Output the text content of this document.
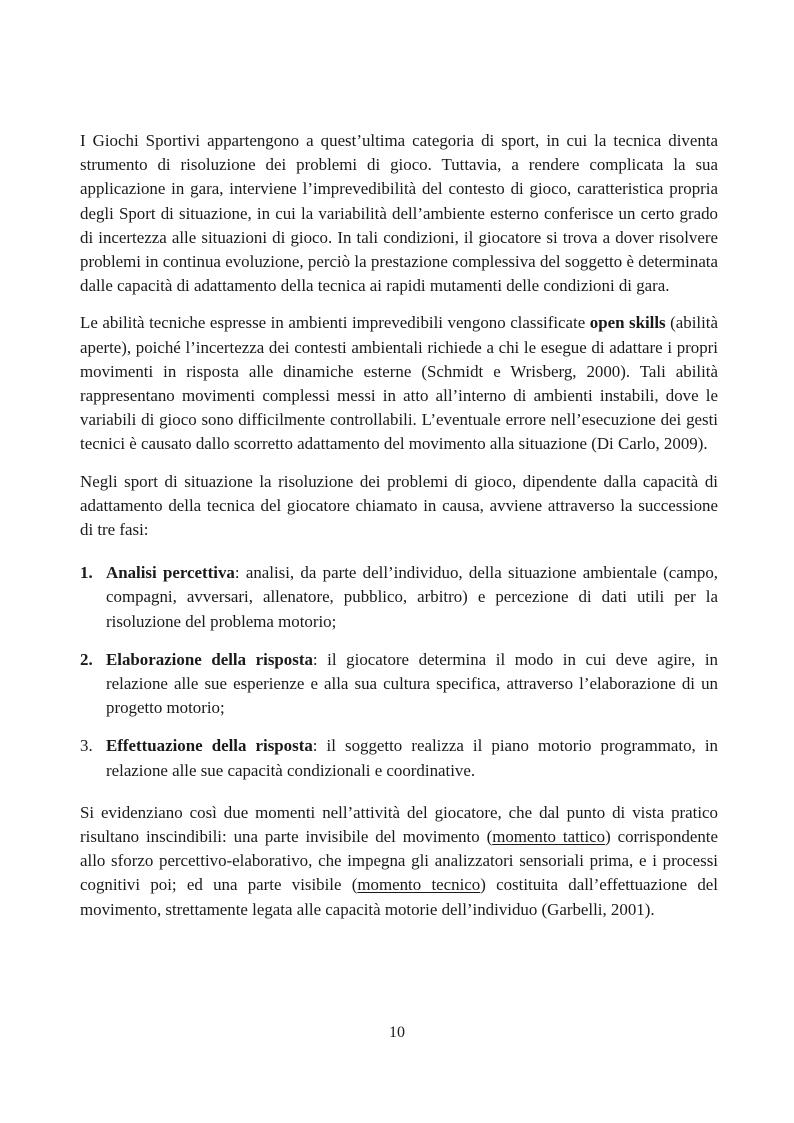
I Giochi Sportivi appartengono a quest’ultima categoria di sport, in cui la tecnica diventa strumento di risoluzione dei problemi di gioco. Tuttavia, a rendere complicata la sua applicazione in gara, interviene l’imprevedibilità del contesto di gioco, caratteristica propria degli Sport di situazione, in cui la variabilità dell’ambiente esterno conferisce un certo grado di incertezza alle situazioni di gioco. In tali condizioni, il giocatore si trova a dover risolvere problemi in continua evoluzione, perciò la prestazione complessiva del soggetto è determinata dalle capacità di adattamento della tecnica ai rapidi mutamenti delle condizioni di gara.

Le abilità tecniche espresse in ambienti imprevedibili vengono classificate open skills (abilità aperte), poiché l’incertezza dei contesti ambientali richiede a chi le esegue di adattare i propri movimenti in risposta alle dinamiche esterne (Schmidt e Wrisberg, 2000). Tali abilità rappresentano movimenti complessi messi in atto all’interno di ambienti instabili, dove le variabili di gioco sono difficilmente controllabili. L’eventuale errore nell’esecuzione dei gesti tecnici è causato dallo scorretto adattamento del movimento alla situazione (Di Carlo, 2009).

Negli sport di situazione la risoluzione dei problemi di gioco, dipendente dalla capacità di adattamento della tecnica del giocatore chiamato in causa, avviene attraverso la successione di tre fasi:

1. Analisi percettiva: analisi, da parte dell’individuo, della situazione ambientale (campo, compagni, avversari, allenatore, pubblico, arbitro) e percezione di dati utili per la risoluzione del problema motorio;
2. Elaborazione della risposta: il giocatore determina il modo in cui deve agire, in relazione alle sue esperienze e alla sua cultura specifica, attraverso l’elaborazione di un progetto motorio;
3. Effettuazione della risposta: il soggetto realizza il piano motorio programmato, in relazione alle sue capacità condizionali e coordinative.

Si evidenziano così due momenti nell’attività del giocatore, che dal punto di vista pratico risultano inscindibili: una parte invisibile del movimento (momento tattico) corrispondente allo sforzo percettivo-elaborativo, che impegna gli analizzatori sensoriali prima, e i processi cognitivi poi; ed una parte visibile (momento tecnico) costituita dall’effettuazione del movimento, strettamente legata alle capacità motorie dell’individuo (Garbelli, 2001).

10
